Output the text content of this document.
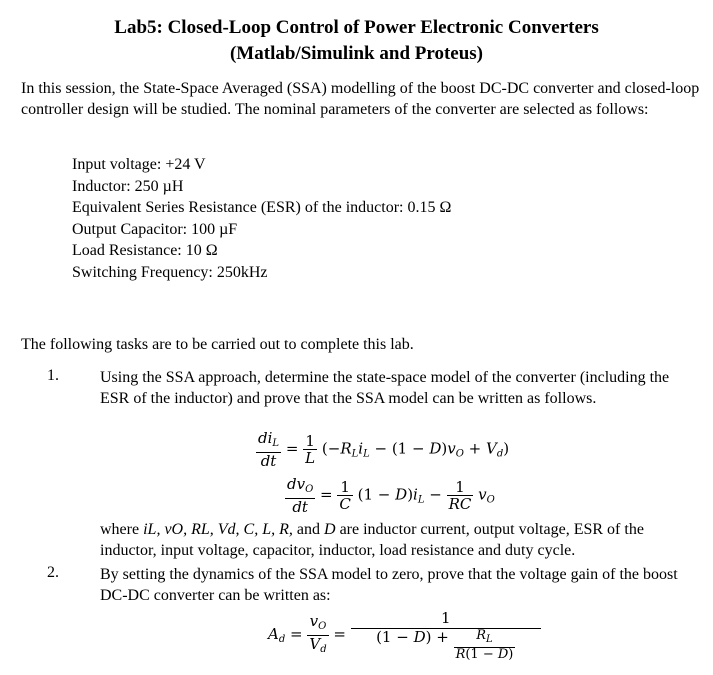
Lab5: Closed-Loop Control of Power Electronic Converters
(Matlab/Simulink and Proteus)
In this session, the State-Space Averaged (SSA) modelling of the boost DC-DC converter and closed-loop controller design will be studied. The nominal parameters of the converter are selected as follows:
Input voltage: +24 V
Inductor: 250 µH
Equivalent Series Resistance (ESR) of the inductor: 0.15 Ω
Output Capacitor: 100 µF
Load Resistance: 10 Ω
Switching Frequency: 250kHz
The following tasks are to be carried out to complete this lab.
1.	Using the SSA approach, determine the state-space model of the converter (including the ESR of the inductor) and prove that the SSA model can be written as follows.
$\frac{di_L}{dt} = \frac{1}{L} (-R_Li_L - (1 - D)v_O + V_d)$
$\frac{dv_O}{dt} = \frac{1}{C} (1 - D)i_L - \frac{1}{RC} v_O$
where iL, vO, RL, Vd, C, L, R, and D are inductor current, output voltage, ESR of the inductor, input voltage, capacitor, inductor, load resistance and duty cycle.
2.	By setting the dynamics of the SSA model to zero, prove that the voltage gain of the boost DC-DC converter can be written as:
$A_d = \frac{v_O}{V_d} = \frac{1}{(1 - D) + \frac{R_L}{R(1 - D)}}$
